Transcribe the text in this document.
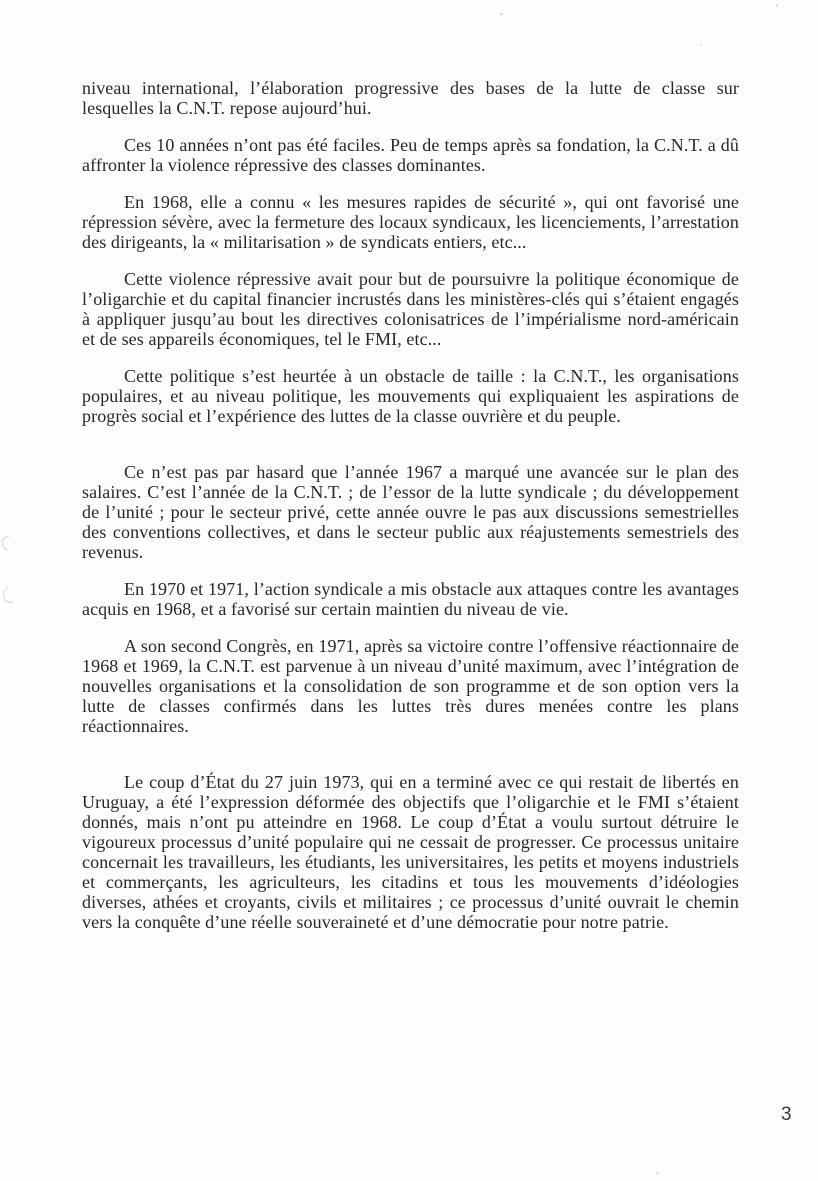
niveau international, l’élaboration progressive des bases de la lutte de classe sur lesquelles la C.N.T. repose aujourd’hui.

Ces 10 années n’ont pas été faciles. Peu de temps après sa fondation, la C.N.T. a dû affronter la violence répressive des classes dominantes.

En 1968, elle a connu « les mesures rapides de sécurité », qui ont favorisé une répression sévère, avec la fermeture des locaux syndicaux, les licenciements, l’arrestation des dirigeants, la « militarisation » de syndicats entiers, etc...

Cette violence répressive avait pour but de poursuivre la politique économique de l’oligarchie et du capital financier incrustés dans les ministères-clés qui s’étaient engagés à appliquer jusqu’au bout les directives colonisatrices de l’impérialisme nord-américain et de ses appareils économiques, tel le FMI, etc...

Cette politique s’est heurtée à un obstacle de taille : la C.N.T., les organisations populaires, et au niveau politique, les mouvements qui expliquaient les aspirations de progrès social et l’expérience des luttes de la classe ouvrière et du peuple.

Ce n’est pas par hasard que l’année 1967 a marqué une avancée sur le plan des salaires. C’est l’année de la C.N.T. ; de l’essor de la lutte syndicale ; du développement de l’unité ; pour le secteur privé, cette année ouvre le pas aux discussions semestrielles des conventions collectives, et dans le secteur public aux réajustements semestriels des revenus.

En 1970 et 1971, l’action syndicale a mis obstacle aux attaques contre les avantages acquis en 1968, et a favorisé sur certain maintien du niveau de vie.

A son second Congrès, en 1971, après sa victoire contre l’offensive réactionnaire de 1968 et 1969, la C.N.T. est parvenue à un niveau d’unité maximum, avec l’intégration de nouvelles organisations et la consolidation de son programme et de son option vers la lutte de classes confirmés dans les luttes très dures menées contre les plans réactionnaires.

Le coup d’État du 27 juin 1973, qui en a terminé avec ce qui restait de libertés en Uruguay, a été l’expression déformée des objectifs que l’oligarchie et le FMI s’étaient donnés, mais n’ont pu atteindre en 1968. Le coup d’État a voulu surtout détruire le vigoureux processus d’unité populaire qui ne cessait de progresser. Ce processus unitaire concernait les travailleurs, les étudiants, les universitaires, les petits et moyens industriels et commerçants, les agriculteurs, les citadins et tous les mouvements d’idéologies diverses, athées et croyants, civils et militaires ; ce processus d’unité ouvrait le chemin vers la conquête d’une réelle souveraineté et d’une démocratie pour notre patrie.

3
